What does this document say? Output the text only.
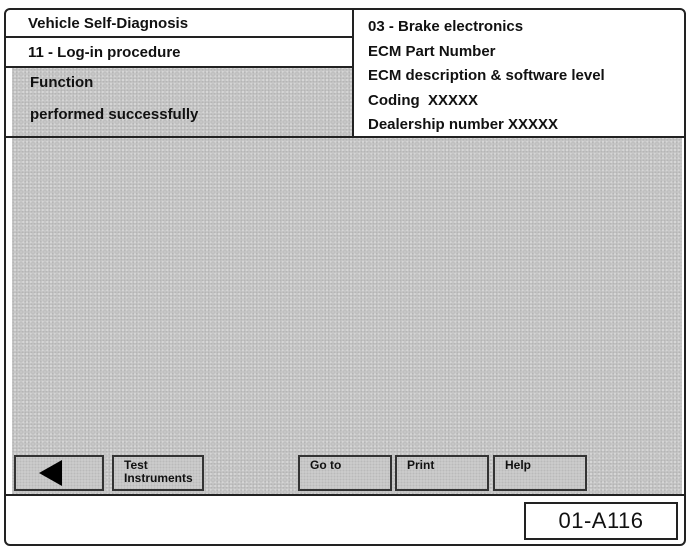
Vehicle Self-Diagnosis
11 - Log-in procedure
Function
performed successfully
03 - Brake electronics
ECM Part Number
ECM description & software level
Coding  XXXXX
Dealership number XXXXX
Test
Instruments
Go to	Print	Help
01-A116
